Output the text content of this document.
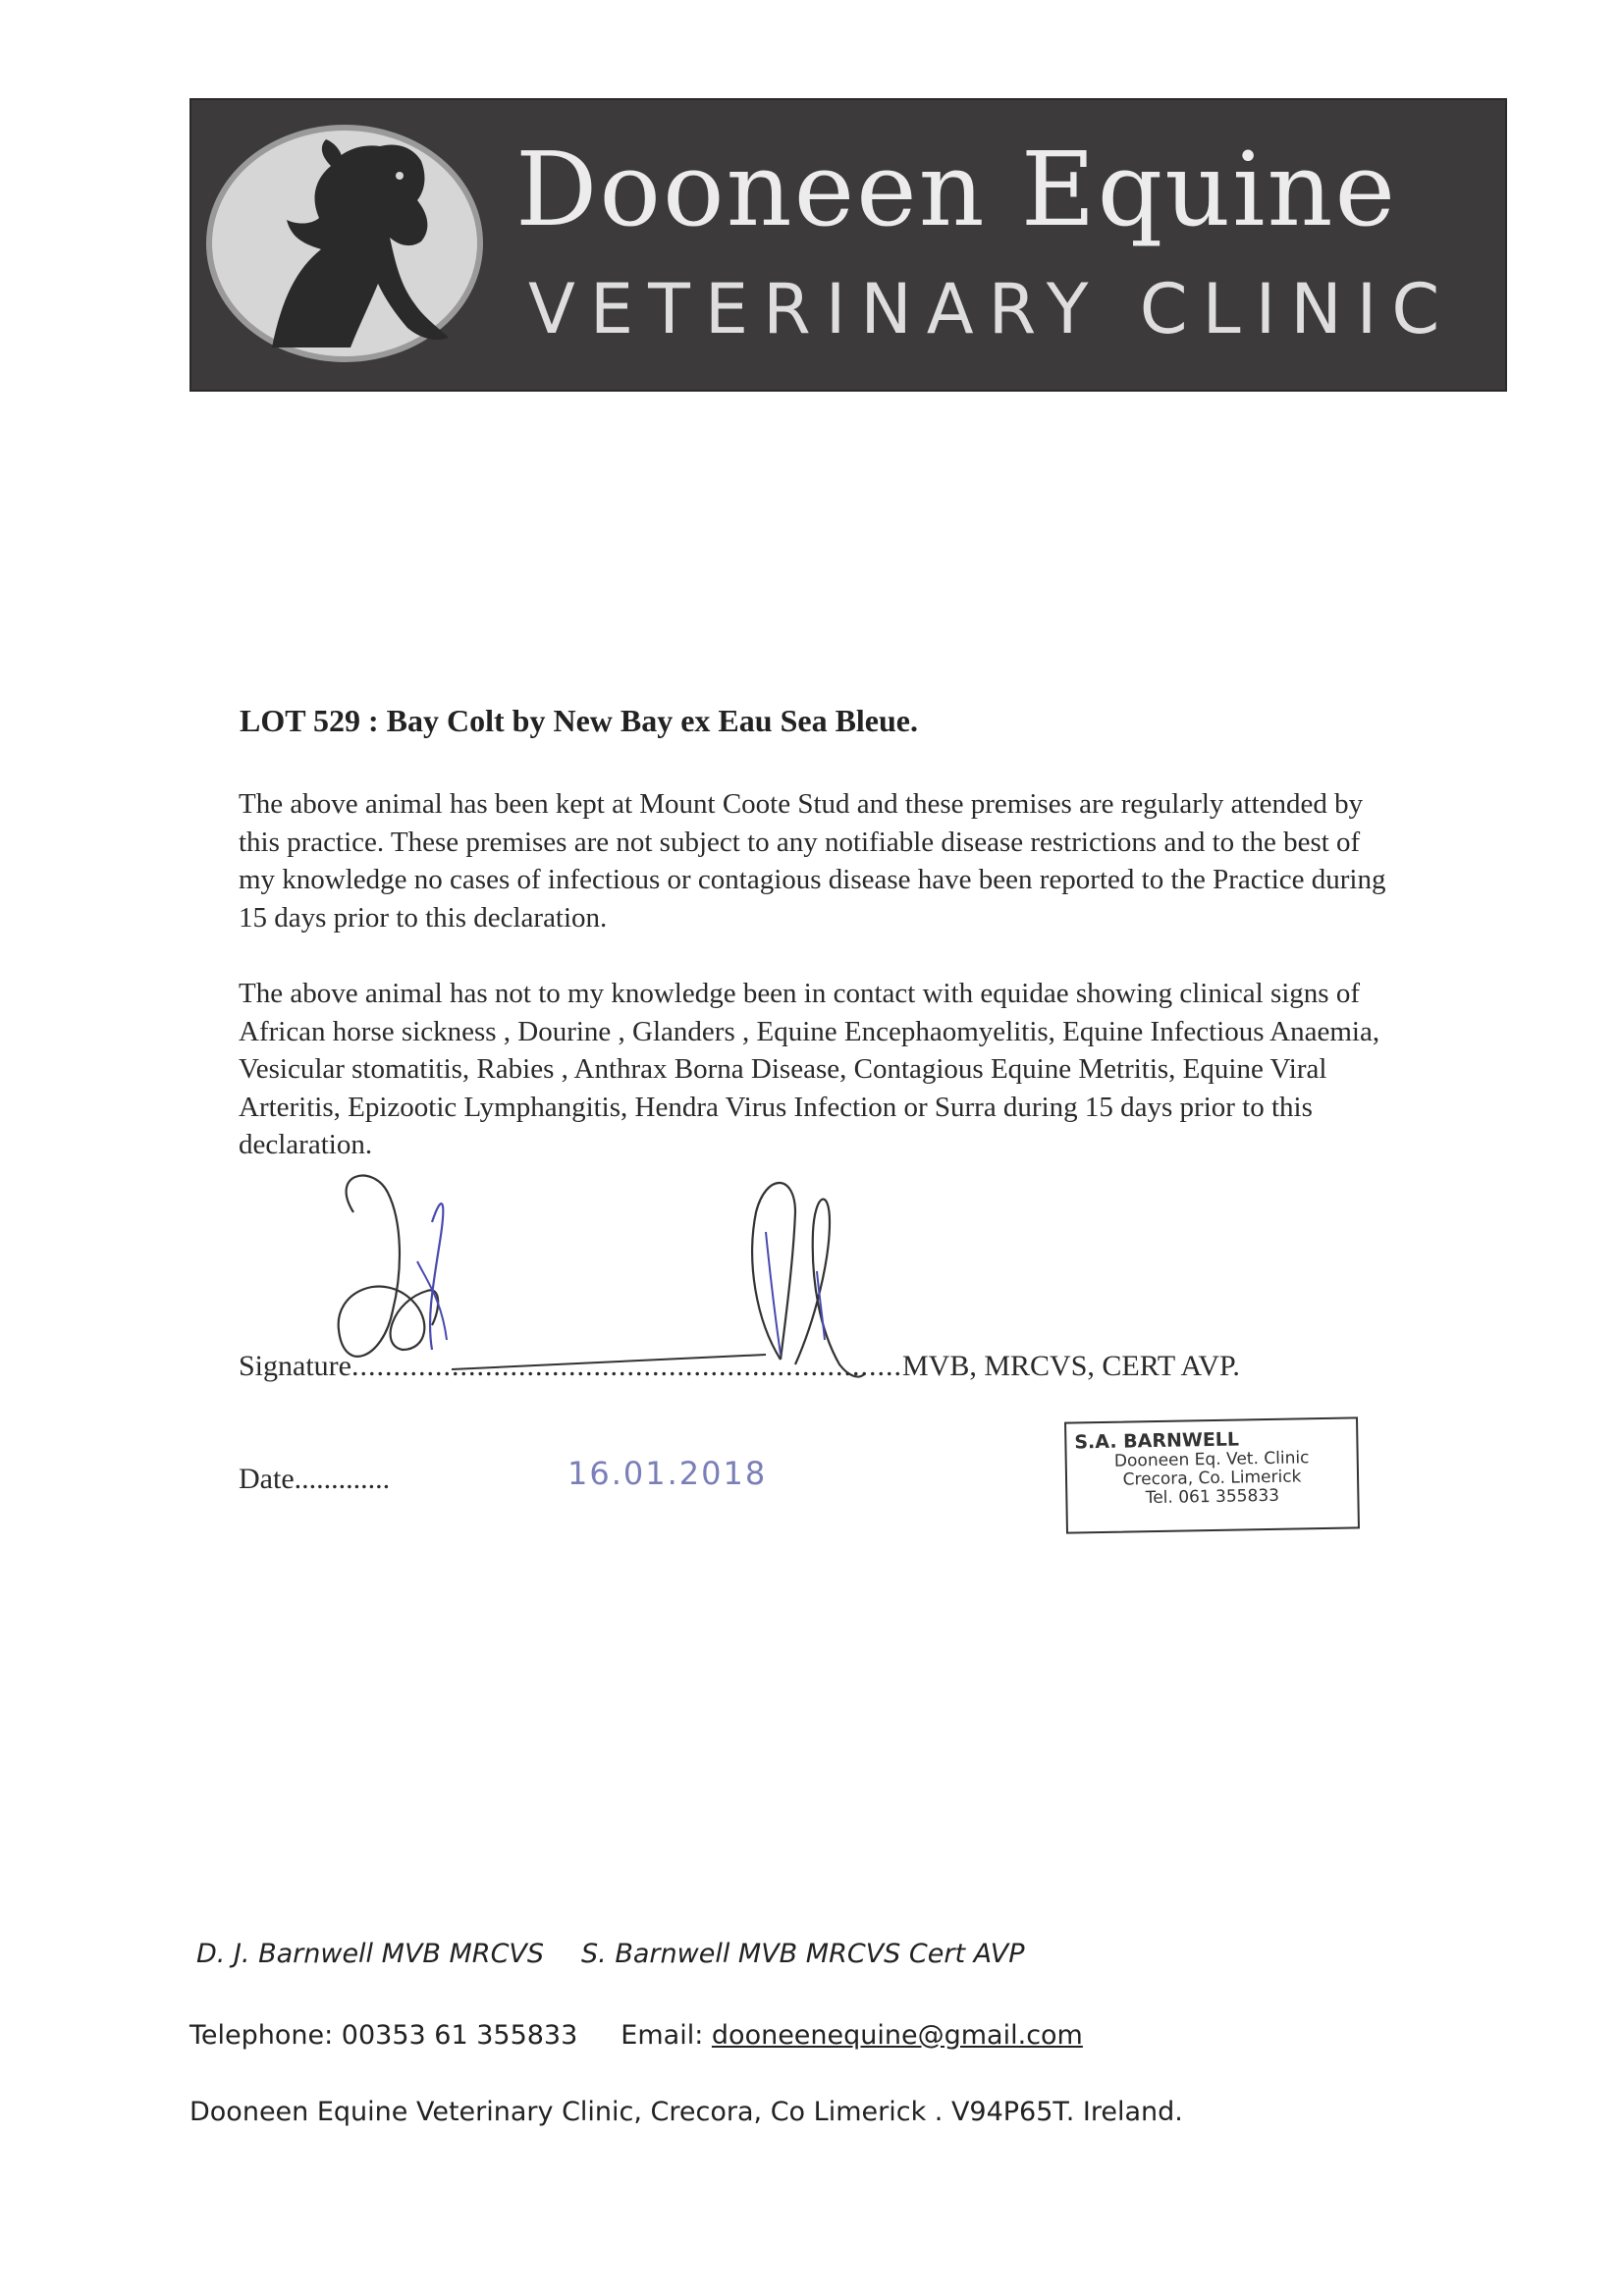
Dooneen Equine
VETERINARY CLINIC
LOT 529 : Bay Colt by New Bay ex Eau Sea Bleue.
The above animal has been kept at Mount Coote Stud and these premises are regularly attended by this practice. These premises are not subject to any notifiable disease restrictions and to the best of my knowledge no cases of infectious or contagious disease have been reported to the Practice during 15 days prior to this declaration.
The above animal has not to my knowledge been in contact with equidae showing clinical signs of African horse sickness , Dourine , Glanders , Equine Encephaomyelitis, Equine Infectious Anaemia, Vesicular stomatitis, Rabies , Anthrax Borna Disease, Contagious Equine Metritis, Equine Viral Arteritis, Epizootic Lymphangitis, Hendra Virus Infection or Surra during 15 days prior to this declaration.
Signature..................................................................MVB, MRCVS, CERT AVP.
Date.............	16.01.2018
S.A. BARNWELL
Dooneen Eq. Vet. Clinic
Crecora, Co. Limerick
Tel. 061 355833
D. J. Barnwell MVB MRCVS S. Barnwell MVB MRCVS Cert AVP
Telephone: 00353 61 355833 Email: dooneenequine@gmail.com
Dooneen Equine Veterinary Clinic, Crecora, Co Limerick . V94P65T. Ireland.
